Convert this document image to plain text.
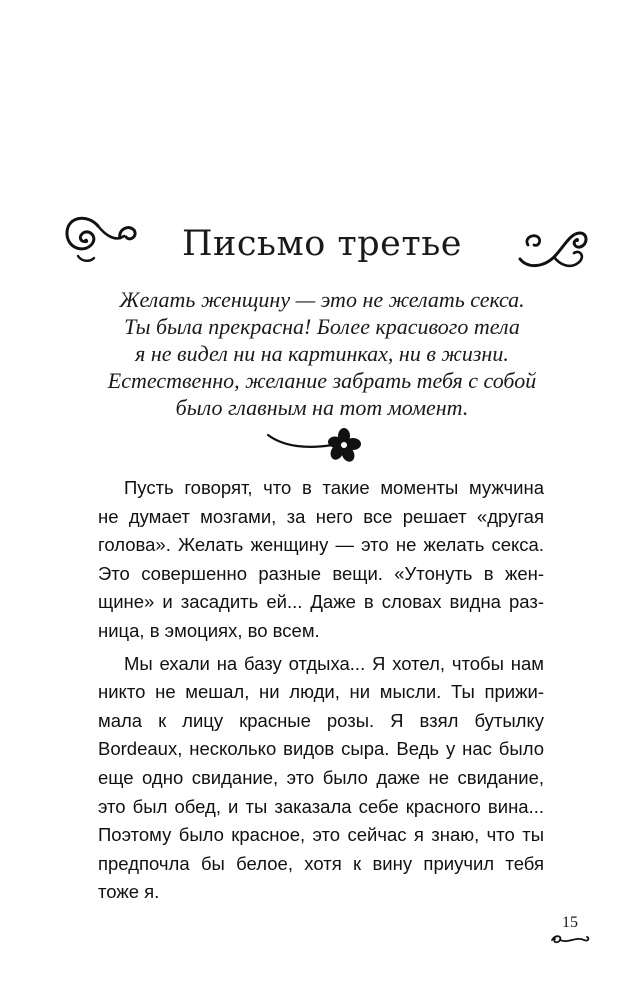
Письмо третье
Желать женщину — это не желать секса.
Ты была прекрасна! Более красивого тела
я не видел ни на картинках, ни в жизни.
Естественно, желание забрать тебя с собой
было главным на тот момент.
Пусть говорят, что в такие моменты мужчина
не думает мозгами, за него все решает «другая
голова». Желать женщину — это не желать секса.
Это совершенно разные вещи. «Утонуть в жен-
щине» и засадить ей... Даже в словах видна раз-
ница, в эмоциях, во всем.
Мы ехали на базу отдыха... Я хотел, чтобы нам
никто не мешал, ни люди, ни мысли. Ты прижи-
мала к лицу красные розы. Я взял бутылку
Bordeaux, несколько видов сыра. Ведь у нас было
еще одно свидание, это было даже не свидание,
это был обед, и ты заказала себе красного вина...
Поэтому было красное, это сейчас я знаю, что ты
предпочла бы белое, хотя к вину приучил тебя
тоже я.
15
